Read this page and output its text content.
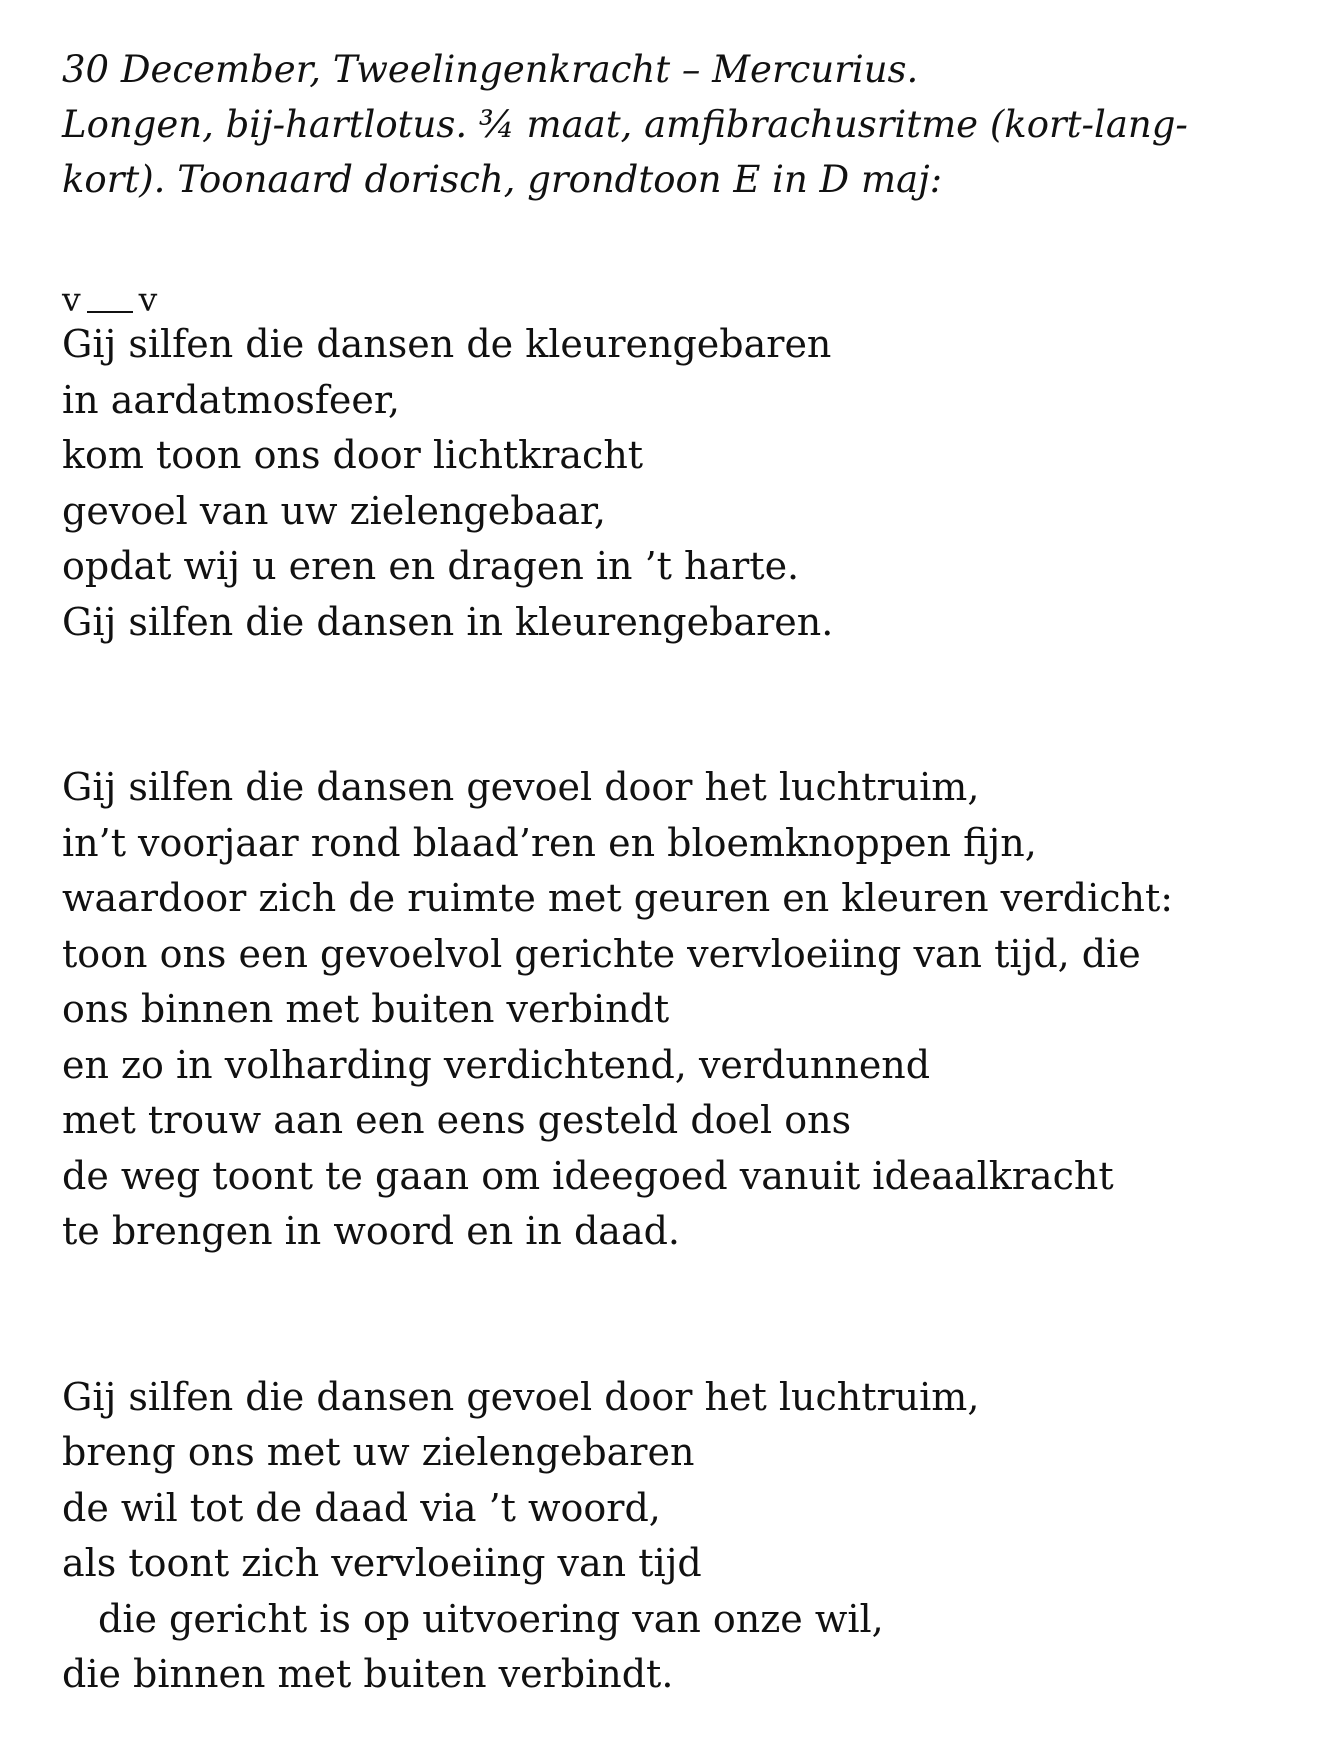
30 December, Tweelingenkracht – Mercurius.
Longen, bij-hartlotus. ¾ maat, amfibrachusritme (kort-lang-
kort). Toonaard dorisch, grondtoon E in D maj:
v v
Gij silfen die dansen de kleurengebaren
in aardatmosfeer,
kom toon ons door lichtkracht
gevoel van uw zielengebaar,
opdat wij u eren en dragen in ’t harte.
Gij silfen die dansen in kleurengebaren.
Gij silfen die dansen gevoel door het luchtruim,
in’t voorjaar rond blaad’ren en bloemknoppen fijn,
waardoor zich de ruimte met geuren en kleuren verdicht:
toon ons een gevoelvol gerichte vervloeiing van tijd, die
ons binnen met buiten verbindt
en zo in volharding verdichtend, verdunnend
met trouw aan een eens gesteld doel ons
de weg toont te gaan om ideegoed vanuit ideaalkracht
te brengen in woord en in daad.
Gij silfen die dansen gevoel door het luchtruim,
breng ons met uw zielengebaren
de wil tot de daad via ’t woord,
als toont zich vervloeiing van tijd
die gericht is op uitvoering van onze wil,
die binnen met buiten verbindt.
